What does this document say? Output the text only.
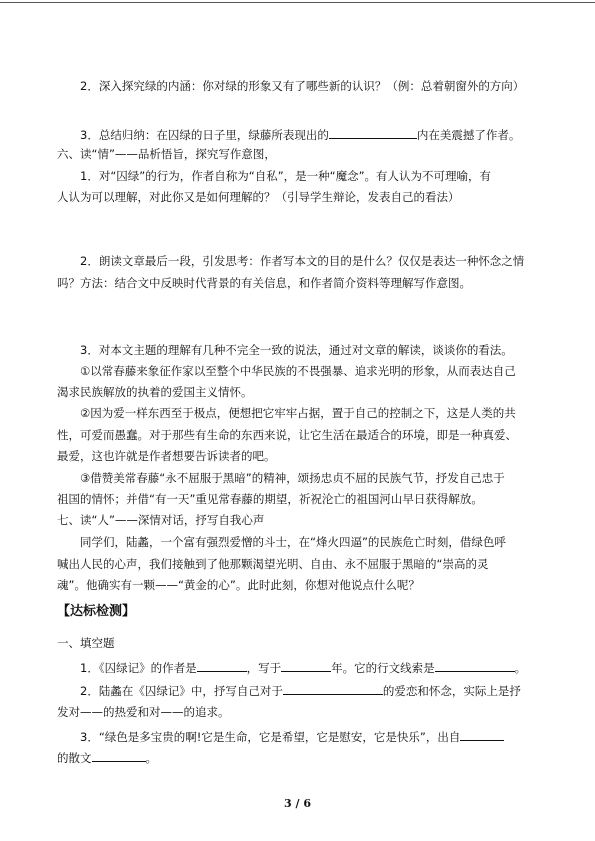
2．深入探究绿的内涵：你对绿的形象又有了哪些新的认识？（例：总着朝窗外的方向）
3．总结归纳：在囚绿的日子里，绿藤所表现出的	内在美震撼了作者。
六、读“情”——品析悟旨，探究写作意图，
1．对“囚绿”的行为，作者自称为“自私”，是一种“魔念”。有人认为不可理喻，有
人认为可以理解，对此你又是如何理解的？（引导学生辩论，发表自己的看法）
2．朗读文章最后一段，引发思考：作者写本文的目的是什么？仅仅是表达一种怀念之情
吗？方法：结合文中反映时代背景的有关信息，和作者简介资料等理解写作意图。
3．对本文主题的理解有几种不完全一致的说法，通过对文章的解读，谈谈你的看法。
①以常春藤来象征作家以至整个中华民族的不畏强暴、追求光明的形象，从而表达自己
渴求民族解放的执着的爱国主义情怀。
②因为爱一样东西至于极点，便想把它牢牢占据，置于自己的控制之下，这是人类的共
性，可爱而愚蠢。对于那些有生命的东西来说，让它生活在最适合的环境，即是一种真爱、
最爱，这也许就是作者想要告诉读者的吧。
③借赞美常春藤“永不屈服于黑暗”的精神，颂扬忠贞不屈的民族气节，抒发自己忠于
祖国的情怀；并借“有一天”重见常春藤的期望，祈祝沦亡的祖国河山早日获得解放。
七、读“人”——深情对话，抒写自我心声
同学们，陆蠡，一个富有强烈爱憎的斗士，在“烽火四逼”的民族危亡时刻，借绿色呼
喊出人民的心声，我们接触到了他那颗渴望光明、自由、永不屈服于黑暗的“崇高的灵
魂”。他确实有一颗——“黄金的心”。此时此刻，你想对他说点什么呢？
【达标检测】
一、填空题
1．《囚绿记》的作者是	，写于	年。它的行文线索是	。
2．陆蠡在《囚绿记》中，抒写自己对于	的爱恋和怀念，实际上是抒
发对——的热爱和对——的追求。
3．“绿色是多宝贵的啊!它是生命，它是希望，它是慰安，它是快乐”，出自
的散文	。
3 / 6
